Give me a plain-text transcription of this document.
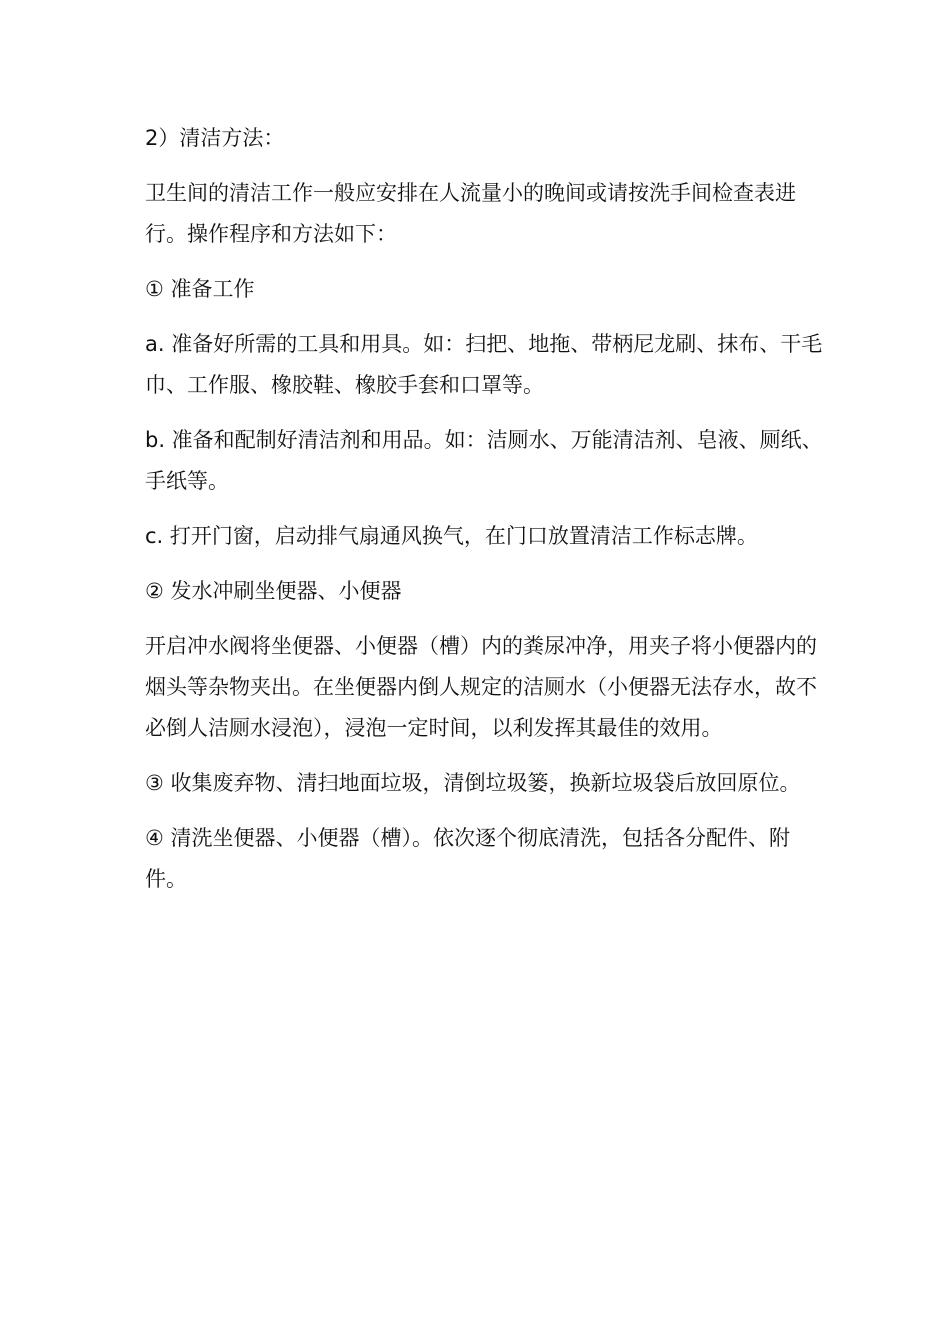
2）清洁方法：

卫生间的清洁工作一般应安排在人流量小的晚间或请按洗手间检查表进行。操作程序和方法如下：

① 准备工作

a. 准备好所需的工具和用具。如：扫把、地拖、带柄尼龙刷、抹布、干毛巾、工作服、橡胶鞋、橡胶手套和口罩等。

b. 准备和配制好清洁剂和用品。如：洁厕水、万能清洁剂、皂液、厕纸、手纸等。

c. 打开门窗，启动排气扇通风换气，在门口放置清洁工作标志牌。

② 发水冲刷坐便器、小便器

开启冲水阀将坐便器、小便器（槽）内的粪尿冲净，用夹子将小便器内的烟头等杂物夹出。在坐便器内倒人规定的洁厕水（小便器无法存水，故不必倒人洁厕水浸泡），浸泡一定时间，以利发挥其最佳的效用。

③ 收集废弃物、清扫地面垃圾，清倒垃圾篓，换新垃圾袋后放回原位。

④ 清洗坐便器、小便器（槽）。依次逐个彻底清洗，包括各分配件、附件。
